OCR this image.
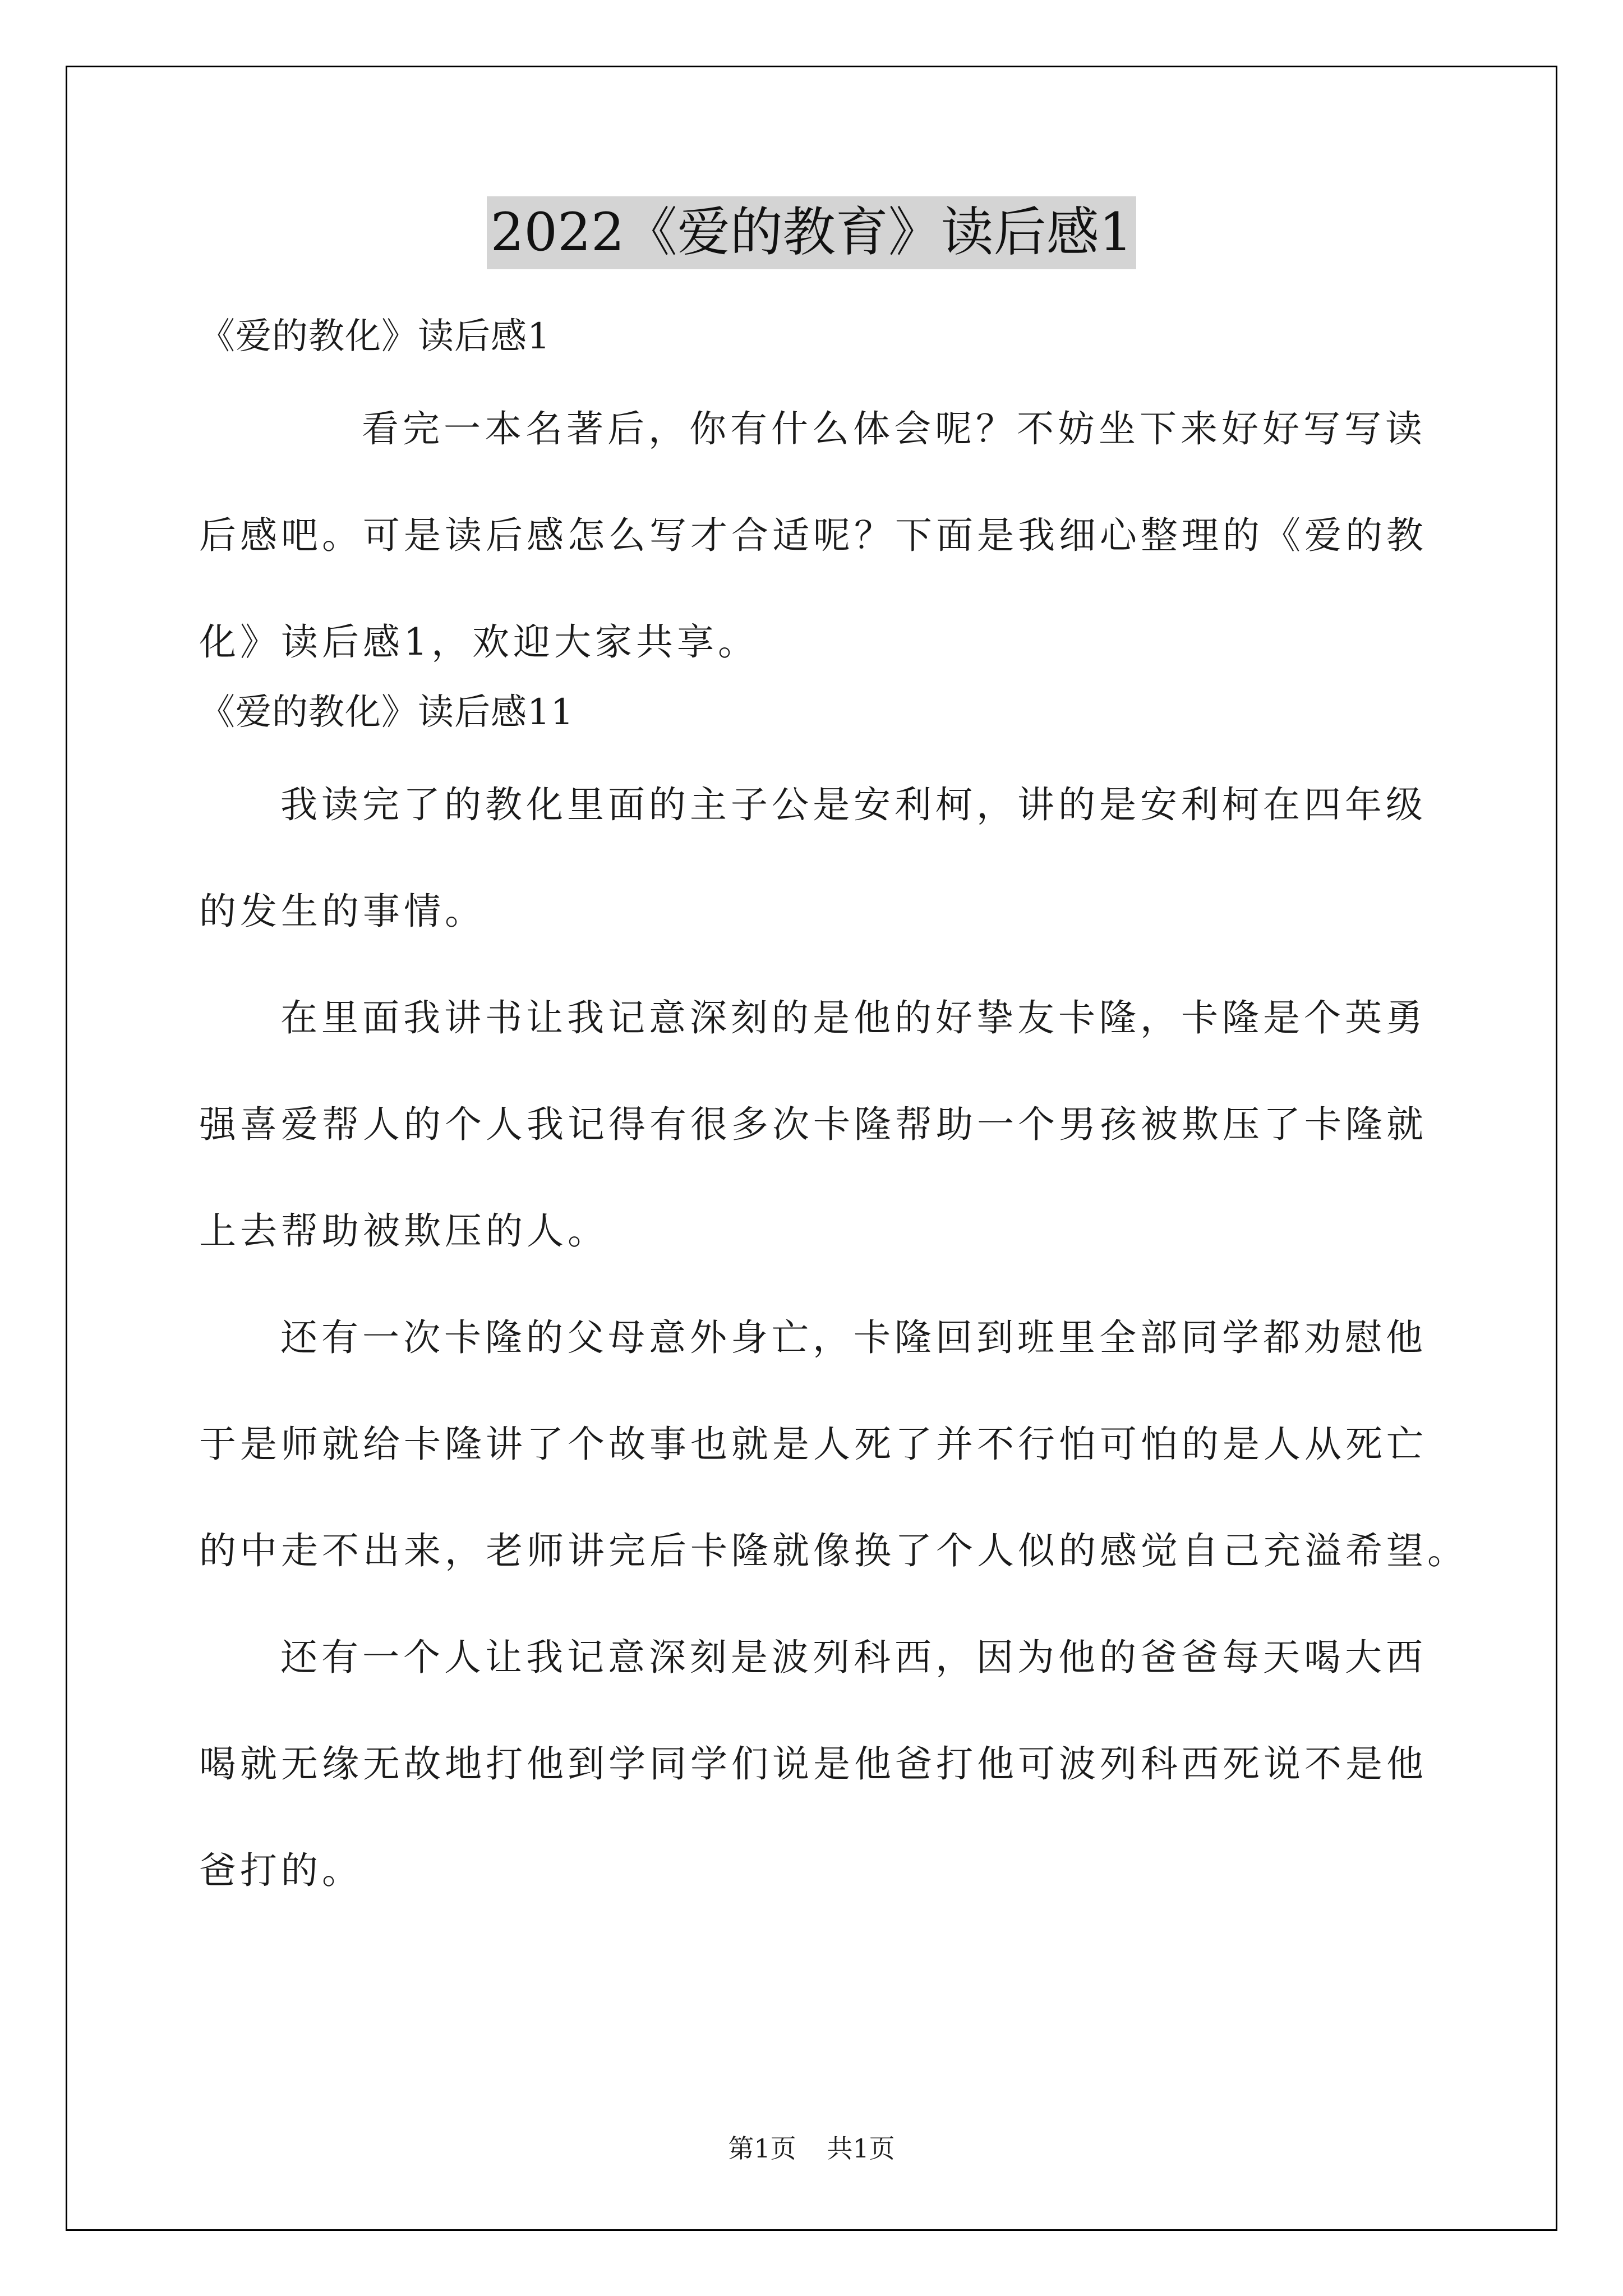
2022《爱的教育》读后感1
《爱的教化》读后感1
看完一本名著后，你有什么体会呢？不妨坐下来好好写写读
后感吧。可是读后感怎么写才合适呢？下面是我细心整理的《爱的教
化》读后感1，欢迎大家共享。
《爱的教化》读后感11
我读完了的教化里面的主子公是安利柯，讲的是安利柯在四年级
的发生的事情。
在里面我讲书让我记意深刻的是他的好挚友卡隆，卡隆是个英勇
强喜爱帮人的个人我记得有很多次卡隆帮助一个男孩被欺压了卡隆就
上去帮助被欺压的人。
还有一次卡隆的父母意外身亡，卡隆回到班里全部同学都劝慰他
于是师就给卡隆讲了个故事也就是人死了并不行怕可怕的是人从死亡
的中走不出来，老师讲完后卡隆就像换了个人似的感觉自己充溢希望。
还有一个人让我记意深刻是波列科西，因为他的爸爸每天喝大西
喝就无缘无故地打他到学同学们说是他爸打他可波列科西死说不是他
爸打的。
第1页 共1页
